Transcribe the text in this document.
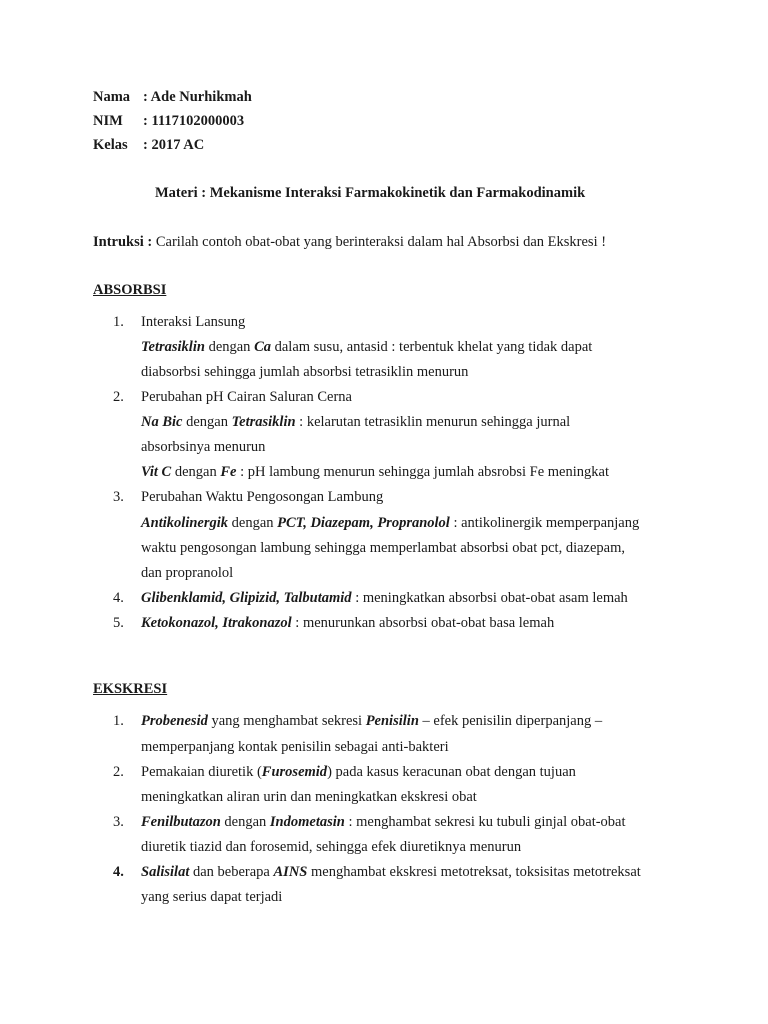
Nama : Ade Nurhikmah
NIM : 1117102000003
Kelas : 2017 AC
Materi : Mekanisme Interaksi Farmakokinetik dan Farmakodinamik
Intruksi : Carilah contoh obat-obat yang berinteraksi dalam hal Absorbsi dan Ekskresi !
ABSORBSI
1. Interaksi Lansung
Tetrasiklin dengan Ca dalam susu, antasid : terbentuk khelat yang tidak dapat
diabsorbsi sehingga jumlah absorbsi tetrasiklin menurun
2. Perubahan pH Cairan Saluran Cerna
Na Bic dengan Tetrasiklin : kelarutan tetrasiklin menurun sehingga jurnal
absorbsinya menurun
Vit C dengan Fe : pH lambung menurun sehingga jumlah absrobsi Fe meningkat
3. Perubahan Waktu Pengosongan Lambung
Antikolinergik dengan PCT, Diazepam, Propranolol : antikolinergik memperpanjang
waktu pengosongan lambung sehingga memperlambat absorbsi obat pct, diazepam,
dan propranolol
4. Glibenklamid, Glipizid, Talbutamid : meningkatkan absorbsi obat-obat asam lemah
5. Ketokonazol, Itrakonazol : menurunkan absorbsi obat-obat basa lemah
EKSKRESI
1. Probenesid yang menghambat sekresi Penisilin – efek penisilin diperpanjang –
memperpanjang kontak penisilin sebagai anti-bakteri
2. Pemakaian diuretik (Furosemid) pada kasus keracunan obat dengan tujuan
meningkatkan aliran urin dan meningkatkan ekskresi obat
3. Fenilbutazon dengan Indometasin : menghambat sekresi ku tubuli ginjal obat-obat
diuretik tiazid dan forosemid, sehingga efek diuretiknya menurun
4. Salisilat dan beberapa AINS menghambat ekskresi metotreksat, toksisitas metotreksat
yang serius dapat terjadi
